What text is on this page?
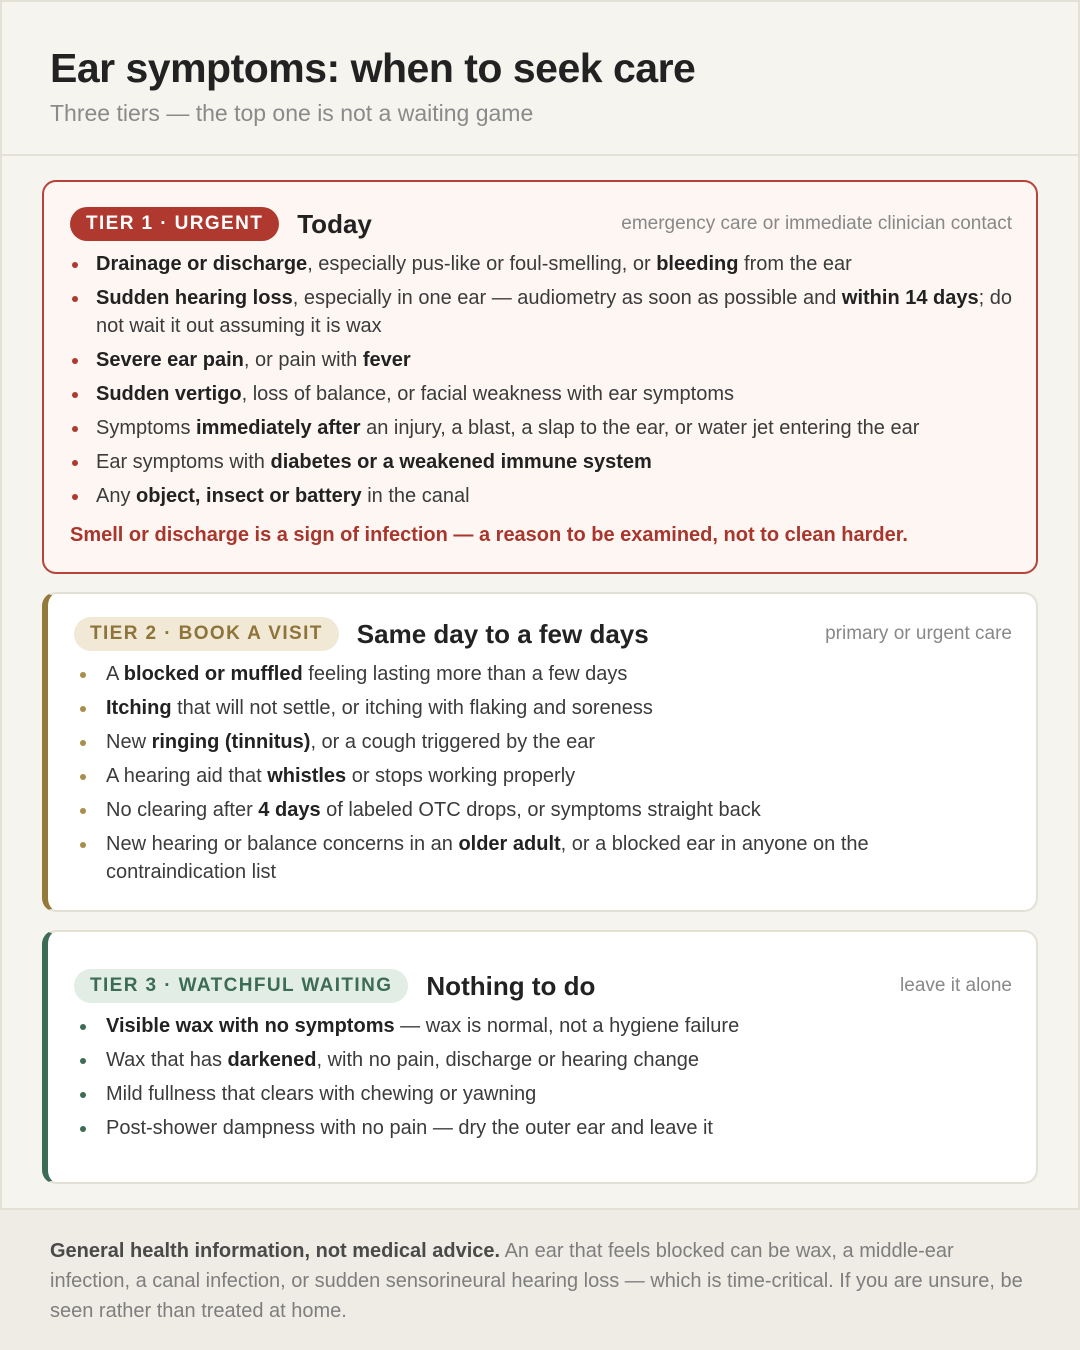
Ear symptoms: when to seek care
Three tiers — the top one is not a waiting game
TIER 1 · URGENT	Today	emergency care or immediate clinician contact
Drainage or discharge, especially pus-like or foul-smelling, or bleeding from the ear
Sudden hearing loss, especially in one ear — audiometry as soon as possible and within 14 days; do not wait it out assuming it is wax
Severe ear pain, or pain with fever
Sudden vertigo, loss of balance, or facial weakness with ear symptoms
Symptoms immediately after an injury, a blast, a slap to the ear, or water jet entering the ear
Ear symptoms with diabetes or a weakened immune system
Any object, insect or battery in the canal
Smell or discharge is a sign of infection — a reason to be examined, not to clean harder.
TIER 2 · BOOK A VISIT	Same day to a few days	primary or urgent care
A blocked or muffled feeling lasting more than a few days
Itching that will not settle, or itching with flaking and soreness
New ringing (tinnitus), or a cough triggered by the ear
A hearing aid that whistles or stops working properly
No clearing after 4 days of labeled OTC drops, or symptoms straight back
New hearing or balance concerns in an older adult, or a blocked ear in anyone on the contraindication list
TIER 3 · WATCHFUL WAITING	Nothing to do	leave it alone
Visible wax with no symptoms — wax is normal, not a hygiene failure
Wax that has darkened, with no pain, discharge or hearing change
Mild fullness that clears with chewing or yawning
Post-shower dampness with no pain — dry the outer ear and leave it
General health information, not medical advice. An ear that feels blocked can be wax, a middle-ear infection, a canal infection, or sudden sensorineural hearing loss — which is time-critical. If you are unsure, be seen rather than treated at home.
